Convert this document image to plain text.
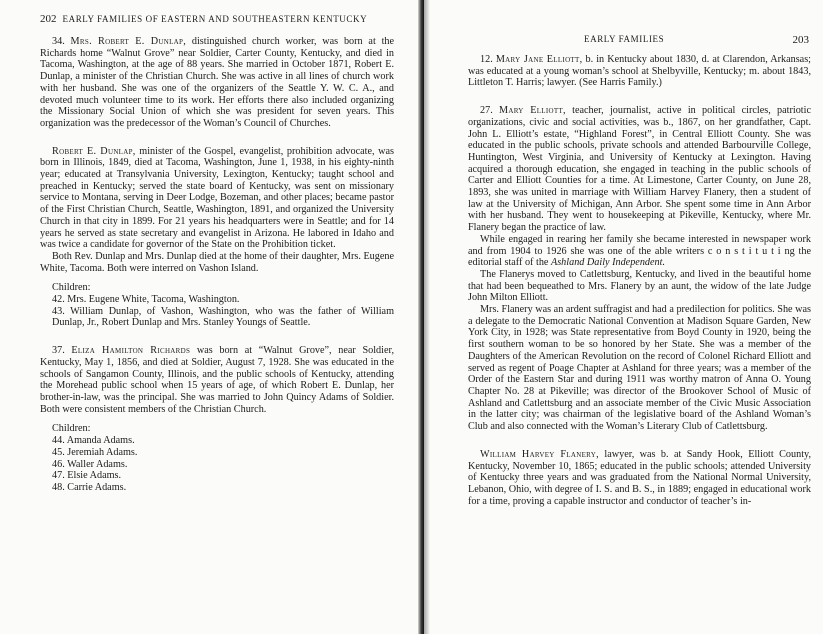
202 EARLY FAMILIES OF EASTERN AND SOUTHEASTERN KENTUCKY

34. Mrs. Robert E. Dunlap, distinguished church worker, was born at the Richards home “Walnut Grove” near Soldier, Carter County, Kentucky, and died in Tacoma, Washington, at the age of 88 years. She married in October 1871, Robert E. Dunlap, a minister of the Christian Church. She was active in all lines of church work with her husband. She was one of the organizers of the Seattle Y. W. C. A., and devoted much volunteer time to its work. Her efforts there also included organizing the Missionary Social Union of which she was president for seven years. This organization was the predecessor of the Woman’s Council of Churches.

Robert E. Dunlap, minister of the Gospel, evangelist, prohibition advocate, was born in Illinois, 1849, died at Tacoma, Washington, June 1, 1938, in his eighty-ninth year; educated at Transylvania University, Lexington, Kentucky; taught school and preached in Kentucky; served the state board of Kentucky, was sent on missionary service to Montana, serving in Deer Lodge, Bozeman, and other places; became pastor of the First Christian Church, Seattle, Washington, 1891, and organized the University Church in that city in 1899. For 21 years his headquarters were in Seattle; and for 14 years he served as state secretary and evangelist in Arizona. He labored in Idaho and was twice a candidate for governor of the State on the Prohibition ticket.

Both Rev. Dunlap and Mrs. Dunlap died at the home of their daughter, Mrs. Eugene White, Tacoma. Both were interred on Vashon Island.

Children:

42. Mrs. Eugene White, Tacoma, Washington.
43. William Dunlap, of Vashon, Washington, who was the father of William Dunlap, Jr., Robert Dunlap and Mrs. Stanley Youngs of Seattle.

37. Eliza Hamilton Richards was born at “Walnut Grove”, near Soldier, Kentucky, May 1, 1856, and died at Soldier, August 7, 1928. She was educated in the schools of Sangamon County, Illinois, and the public schools of Kentucky, attending the Morehead public school when 15 years of age, of which Robert E. Dunlap, her brother-in-law, was the principal. She was married to John Quincy Adams of Soldier. Both were consistent members of the Christian Church.

Children:

44. Amanda Adams.
45. Jeremiah Adams.
46. Waller Adams.
47. Elsie Adams.
48. Carrie Adams.
EARLY FAMILIES	203

12. Mary Jane Elliott, b. in Kentucky about 1830, d. at Clarendon, Arkansas; was educated at a young woman’s school at Shelbyville, Kentucky; m. about 1843, Littleton T. Harris; lawyer. (See Harris Family.)

27. Mary Elliott, teacher, journalist, active in political circles, patriotic organizations, civic and social activities, was b., 1867, on her grandfather, Capt. John L. Elliott’s estate, “Highland Forest”, in Central Elliott County. She was educated in the public schools, private schools and attended Barbourville College, Huntington, West Virginia, and University of Kentucky at Lexington. Having acquired a thorough education, she engaged in teaching in the public schools of Carter and Elliott Counties for a time. At Limestone, Carter County, on June 28, 1893, she was united in marriage with William Harvey Flanery, then a student of law at the University of Michigan, Ann Arbor. She spent some time in Ann Arbor with her husband. They went to housekeeping at Pikeville, Kentucky, where Mr. Flanery began the practice of law.

While engaged in rearing her family she became interested in newspaper work and from 1904 to 1926 she was one of the able writers c o n s t i t u t i ng the editorial staff of the Ashland Daily Independent.

The Flanerys moved to Catlettsburg, Kentucky, and lived in the beautiful home that had been bequeathed to Mrs. Flanery by an aunt, the widow of the late Judge John Milton Elliott.

Mrs. Flanery was an ardent suffragist and had a predilection for politics. She was a delegate to the Democratic National Convention at Madison Square Garden, New York City, in 1928; was State representative from Boyd County in 1920, being the first southern woman to be so honored by her State. She was a member of the Daughters of the American Revolution on the record of Colonel Richard Elliott and served as regent of Poage Chapter at Ashland for three years; was a member of the Order of the Eastern Star and during 1911 was worthy matron of Anna O. Young Chapter No. 28 at Pikeville; was director of the Brookover School of Music of Ashland and Catlettsburg and an associate member of the Civic Music Association in the latter city; was chairman of the legislative board of the Ashland Woman’s Club and also connected with the Woman’s Literary Club of Catlettsburg.

William Harvey Flanery, lawyer, was b. at Sandy Hook, Elliott County, Kentucky, November 10, 1865; educated in the public schools; attended University of Kentucky three years and was graduated from the National Normal University, Lebanon, Ohio, with degree of I. S. and B. S., in 1889; engaged in educational work for a time, proving a capable instructor and conductor of teacher’s in-
